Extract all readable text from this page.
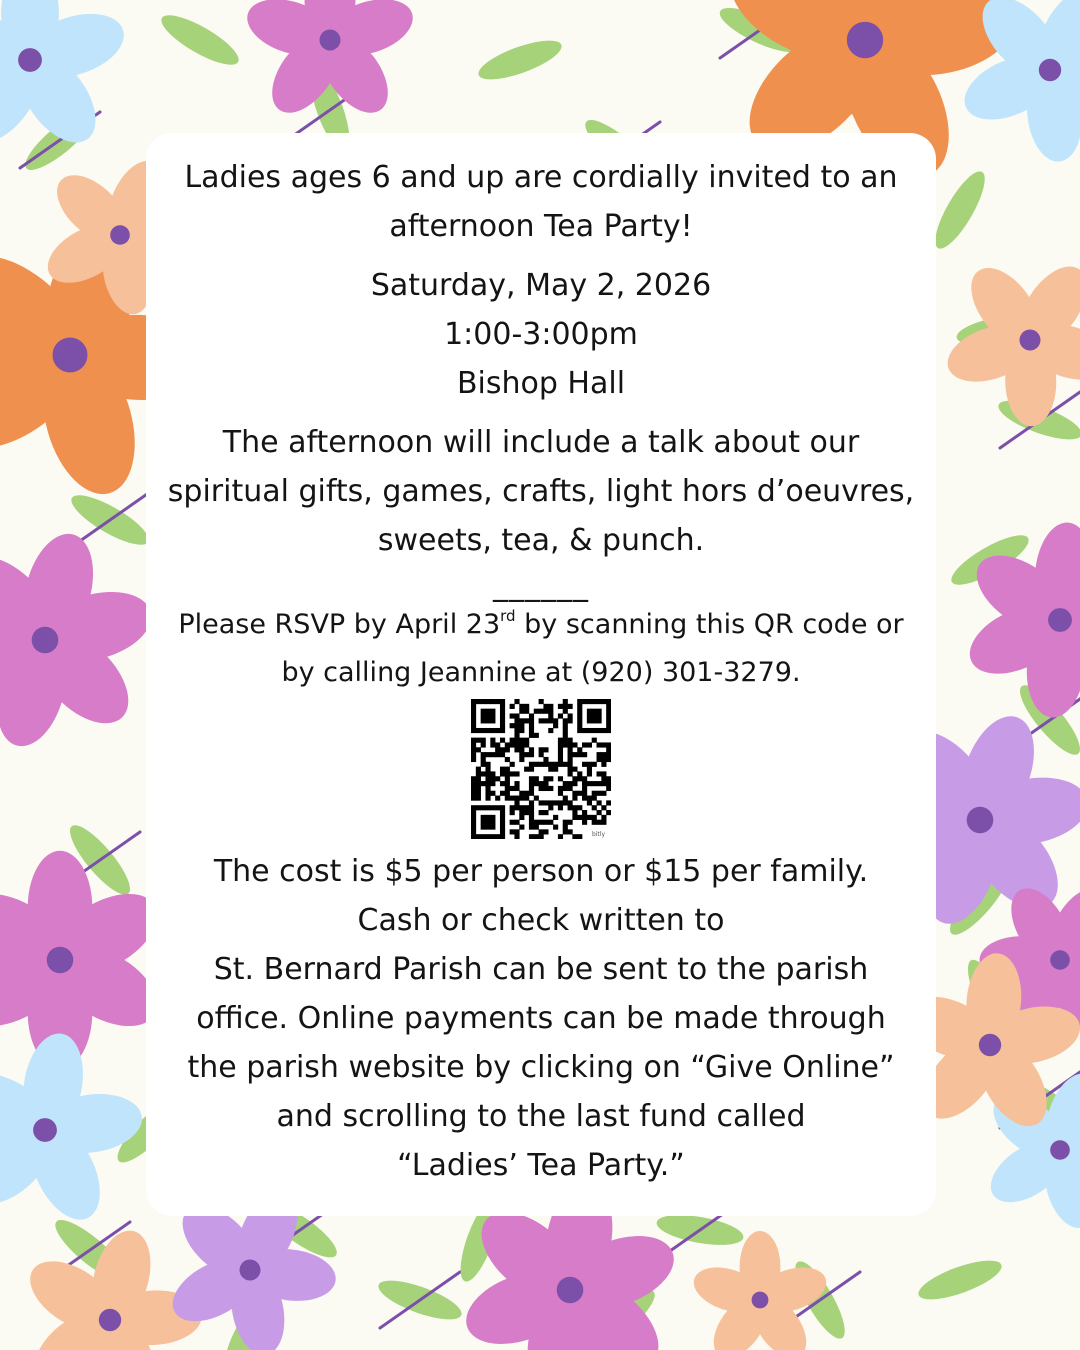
Ladies ages 6 and up are cordially invited to an

afternoon Tea Party!

Saturday, May 2, 2026

1:00-3:00pm

Bishop Hall

The afternoon will include a talk about our

spiritual gifts, games, crafts, light hors d’oeuvres,

sweets, tea, & punch.

______

Please RSVP by April 23rd by scanning this QR code or

by calling Jeannine at (920) 301-3279.

bitly

The cost is $5 per person or $15 per family.

Cash or check written to

St. Bernard Parish can be sent to the parish

office. Online payments can be made through

the parish website by clicking on “Give Online”

and scrolling to the last fund called

“Ladies’ Tea Party.”
